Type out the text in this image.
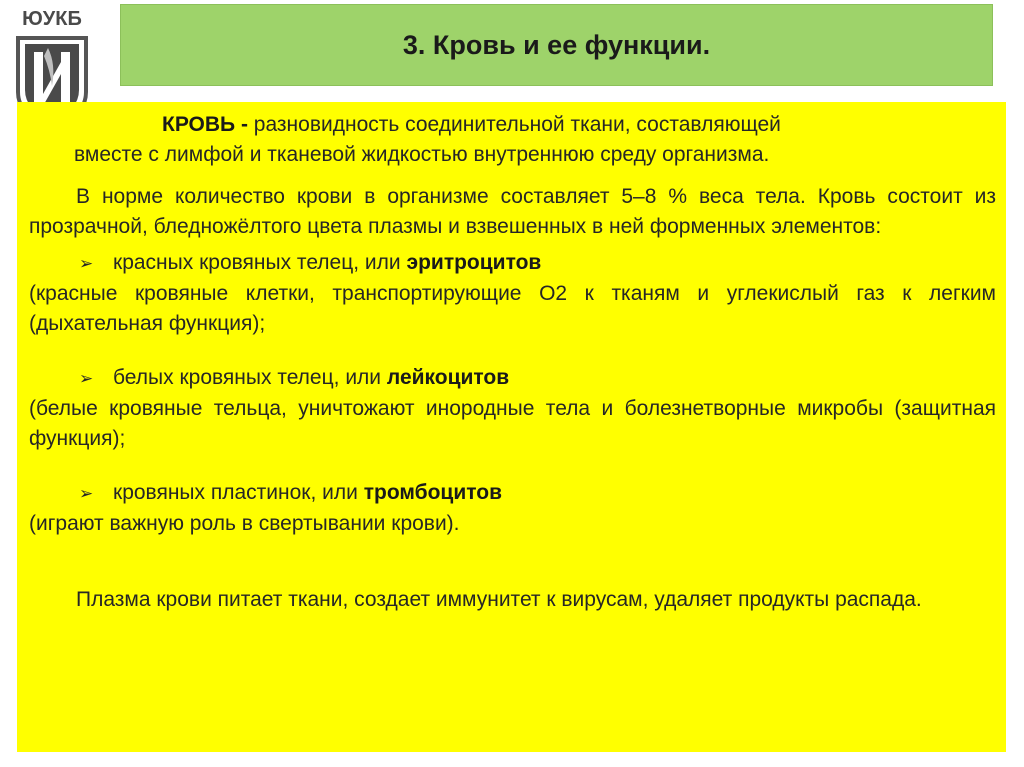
ЮУКБ
3. Кровь и ее функции.

КРОВЬ - разновидность соединительной ткани, составляющей

вместе с лимфой и тканевой жидкостью внутреннюю среду организма.

В норме количество крови в организме составляет 5–8 % веса тела. Кровь состоит из прозрачной, бледножёлтого цвета плазмы и взвешенных в ней форменных элементов:

➢ красных кровяных телец, или эритроцитов

(красные кровяные клетки, транспортирующие О2 к тканям и углекислый газ к легким (дыхательная функция);

➢ белых кровяных телец, или лейкоцитов

(белые кровяные тельца, уничтожают инородные тела и болезнетворные микробы (защитная функция);

➢ кровяных пластинок, или тромбоцитов

(играют важную роль в свертывании крови).

Плазма крови питает ткани, создает иммунитет к вирусам, удаляет продукты распада.
